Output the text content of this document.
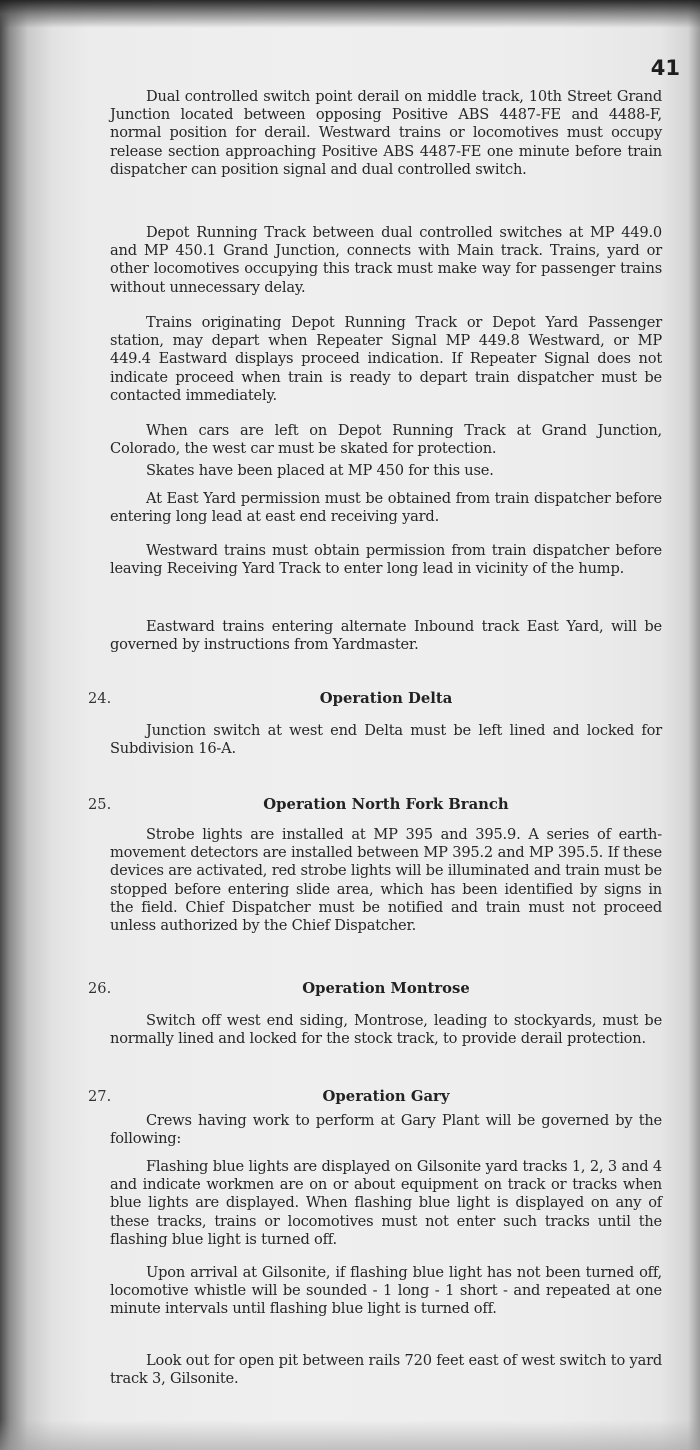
41

Dual controlled switch point derail on middle track, 10th Street Grand Junction located between opposing Positive ABS 4487-FE and 4488-F, normal position for derail. Westward trains or locomotives must occupy release section approaching Positive ABS 4487-FE one minute before train dispatcher can position signal and dual controlled switch.

Depot Running Track between dual controlled switches at MP 449.0 and MP 450.1 Grand Junction, connects with Main track. Trains, yard or other locomotives occupying this track must make way for passenger trains without unnecessary delay.

Trains originating Depot Running Track or Depot Yard Passenger station, may depart when Repeater Signal MP 449.8 Westward, or MP 449.4 Eastward displays proceed indication. If Repeater Signal does not indicate proceed when train is ready to depart train dispatcher must be contacted immediately.

When cars are left on Depot Running Track at Grand Junction, Colorado, the west car must be skated for protection.

Skates have been placed at MP 450 for this use.

At East Yard permission must be obtained from train dispatcher before entering long lead at east end receiving yard.

Westward trains must obtain permission from train dispatcher before leaving Receiving Yard Track to enter long lead in vicinity of the hump.

Eastward trains entering alternate Inbound track East Yard, will be governed by instructions from Yardmaster.

24.	Operation Delta

Junction switch at west end Delta must be left lined and locked for Subdivision 16-A.

25.	Operation North Fork Branch

Strobe lights are installed at MP 395 and 395.9. A series of earth-movement detectors are installed between MP 395.2 and MP 395.5. If these devices are activated, red strobe lights will be illuminated and train must be stopped before entering slide area, which has been identified by signs in the field. Chief Dispatcher must be notified and train must not proceed unless authorized by the Chief Dispatcher.

26.	Operation Montrose

Switch off west end siding, Montrose, leading to stockyards, must be normally lined and locked for the stock track, to provide derail protection.

27.	Operation Gary

Crews having work to perform at Gary Plant will be governed by the following:

Flashing blue lights are displayed on Gilsonite yard tracks 1, 2, 3 and 4 and indicate workmen are on or about equipment on track or tracks when blue lights are displayed. When flashing blue light is displayed on any of these tracks, trains or locomotives must not enter such tracks until the flashing blue light is turned off.

Upon arrival at Gilsonite, if flashing blue light has not been turned off, locomotive whistle will be sounded - 1 long - 1 short - and repeated at one minute intervals until flashing blue light is turned off.

Look out for open pit between rails 720 feet east of west switch to yard track 3, Gilsonite.
